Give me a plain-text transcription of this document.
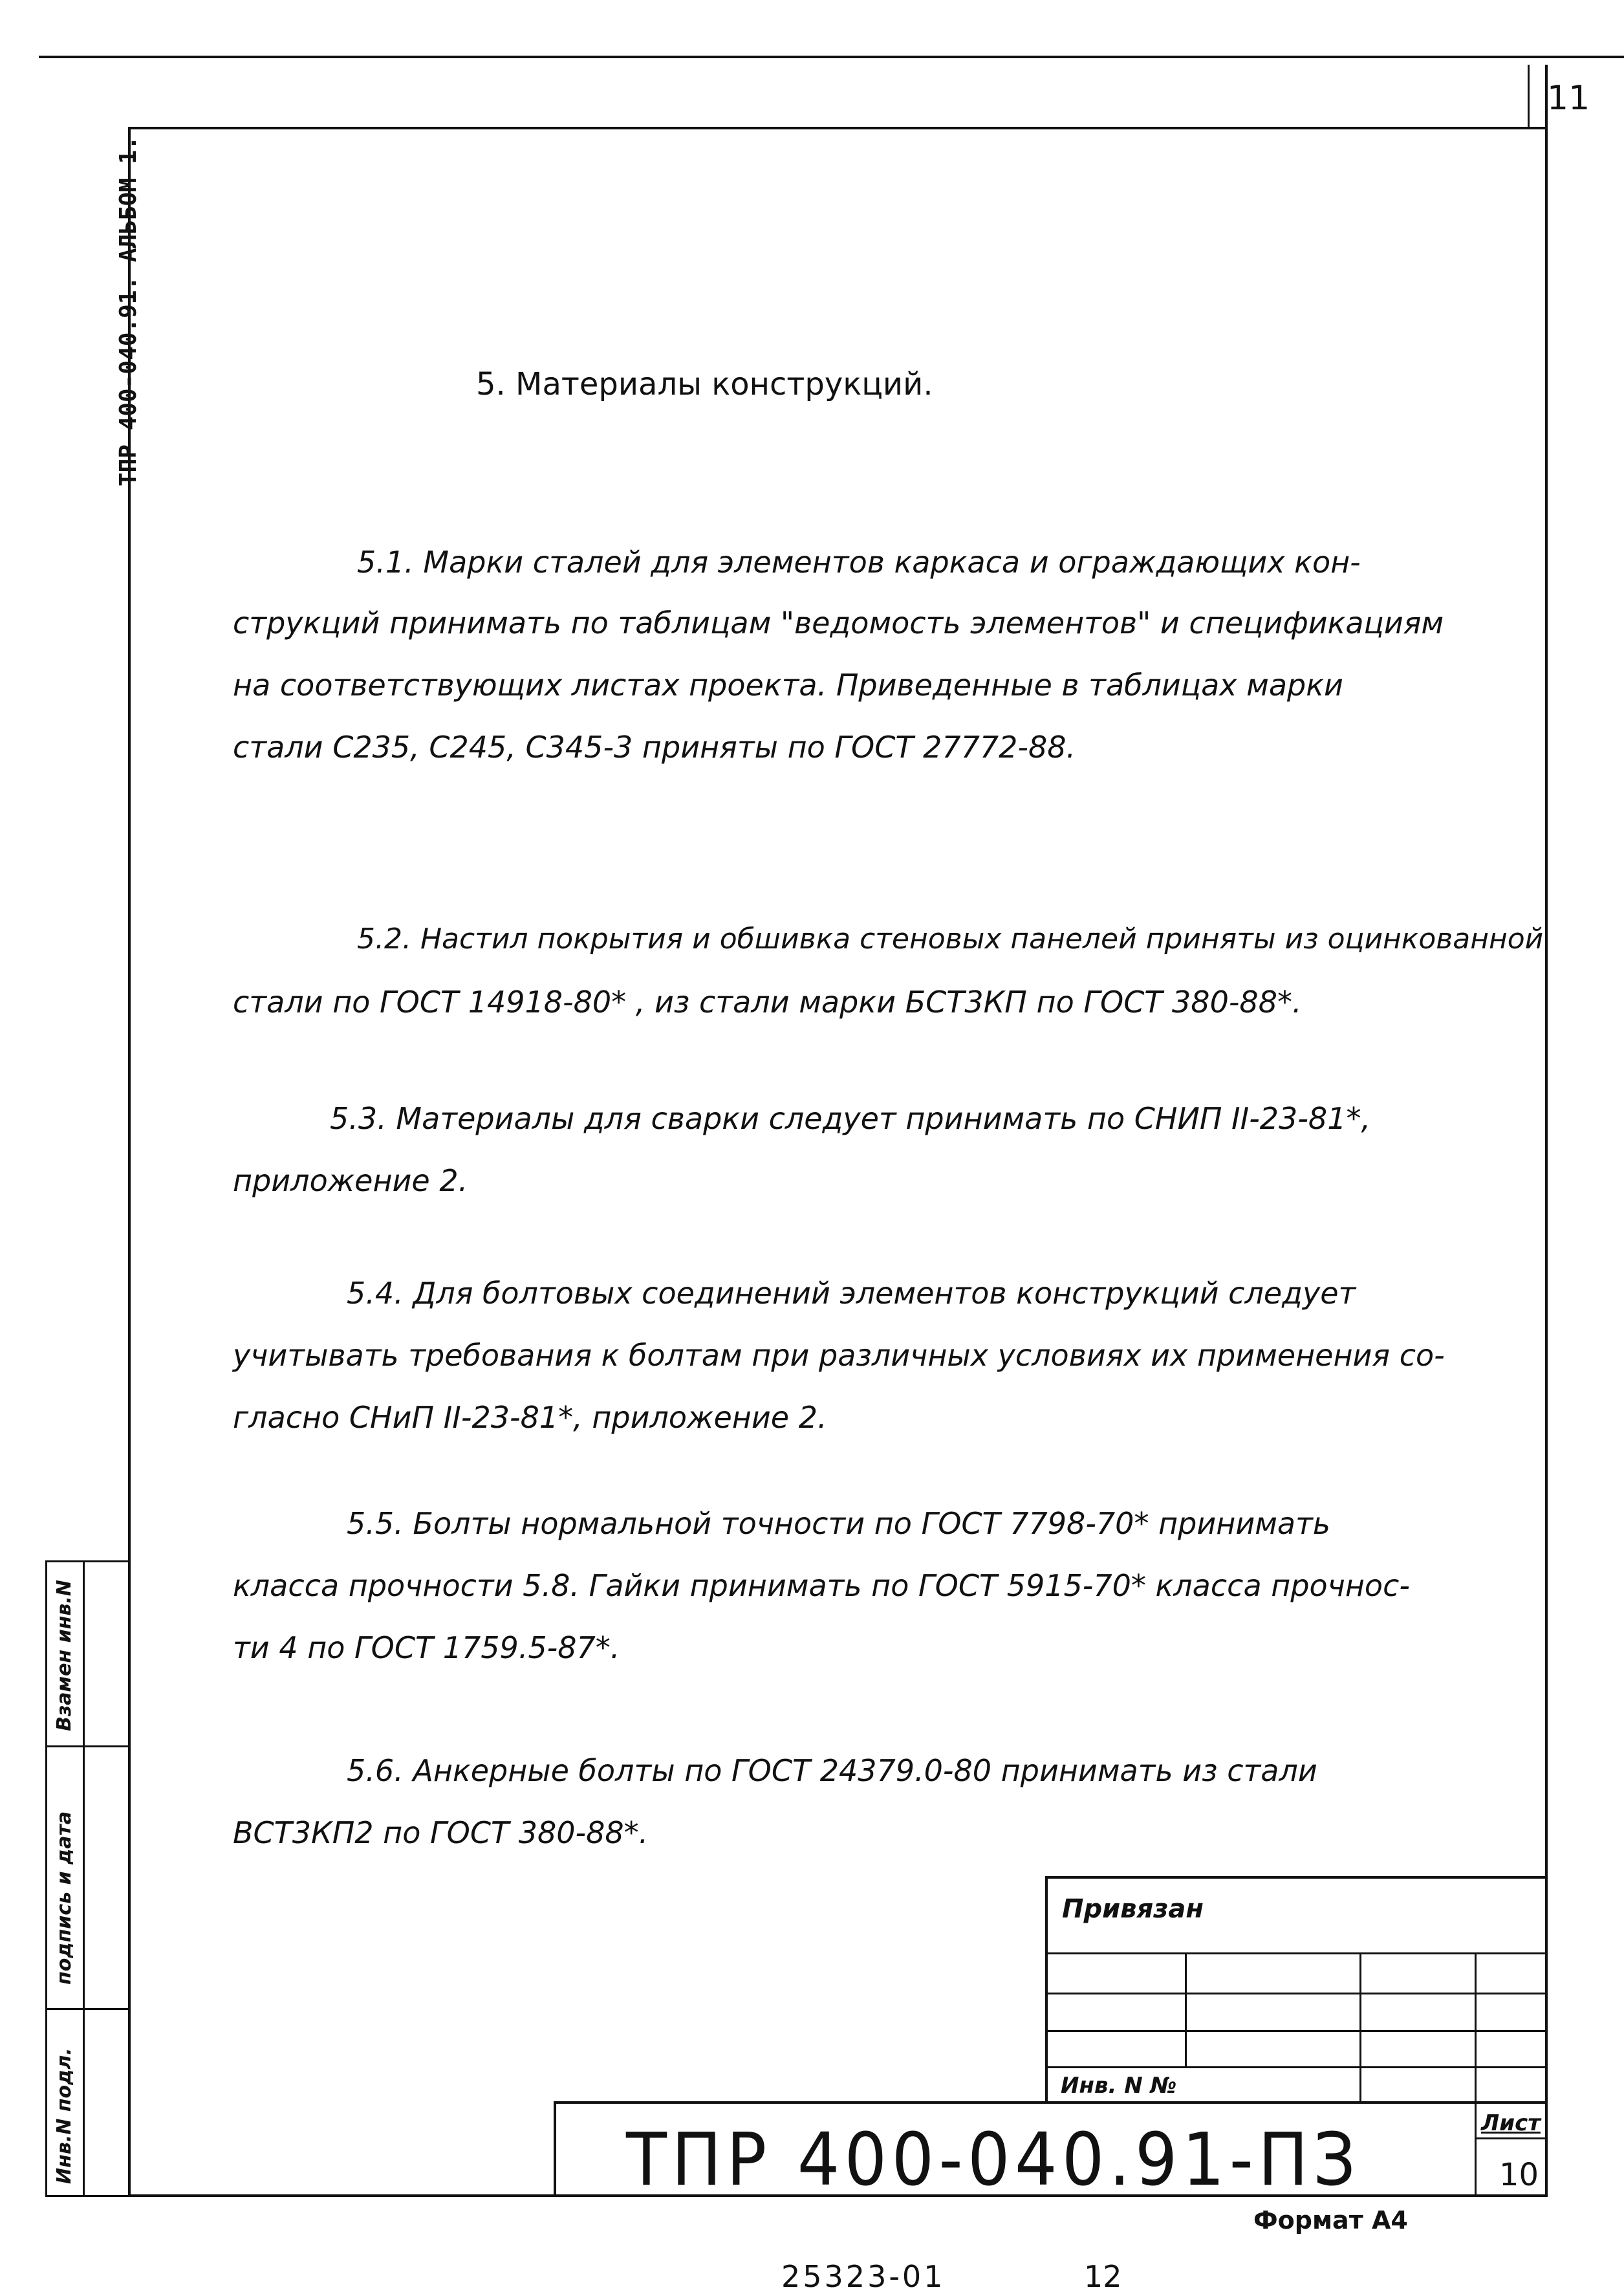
11
ТПР 400-040.91. АЛЬБОМ 1.
Взамен инв.N
подпись и дата
Инв.N подл.
5. Материалы конструкций.
5.1. Марки сталей для элементов каркаса и ограждающих кон-
струкций принимать по таблицам "ведомость элементов" и спецификациям
на соответствующих листах проекта. Приведенные в таблицах марки
стали С235, С245, С345-3 приняты по ГОСТ 27772-88.
5.2. Настил покрытия и обшивка стеновых панелей приняты из оцинкованной
стали по ГОСТ 14918-80* , из стали марки БСТ3КП по ГОСТ 380-88*.
5.3. Материалы для сварки следует принимать по СНИП II-23-81*,
приложение 2.
5.4. Для болтовых соединений элементов конструкций следует
учитывать требования к болтам при различных условиях их применения со-
гласно СНиП II-23-81*, приложение 2.
5.5. Болты нормальной точности по ГОСТ 7798-70* принимать
класса прочности 5.8. Гайки принимать по ГОСТ 5915-70* класса прочнос-
ти 4 по ГОСТ 1759.5-87*.
5.6. Анкерные болты по ГОСТ 24379.0-80 принимать из стали
ВСТ3КП2 по ГОСТ 380-88*.
Привязан
Инв. N №
ТПР 400-040.91-ПЗ	Лист
10
25323-01	12
Формат А4
